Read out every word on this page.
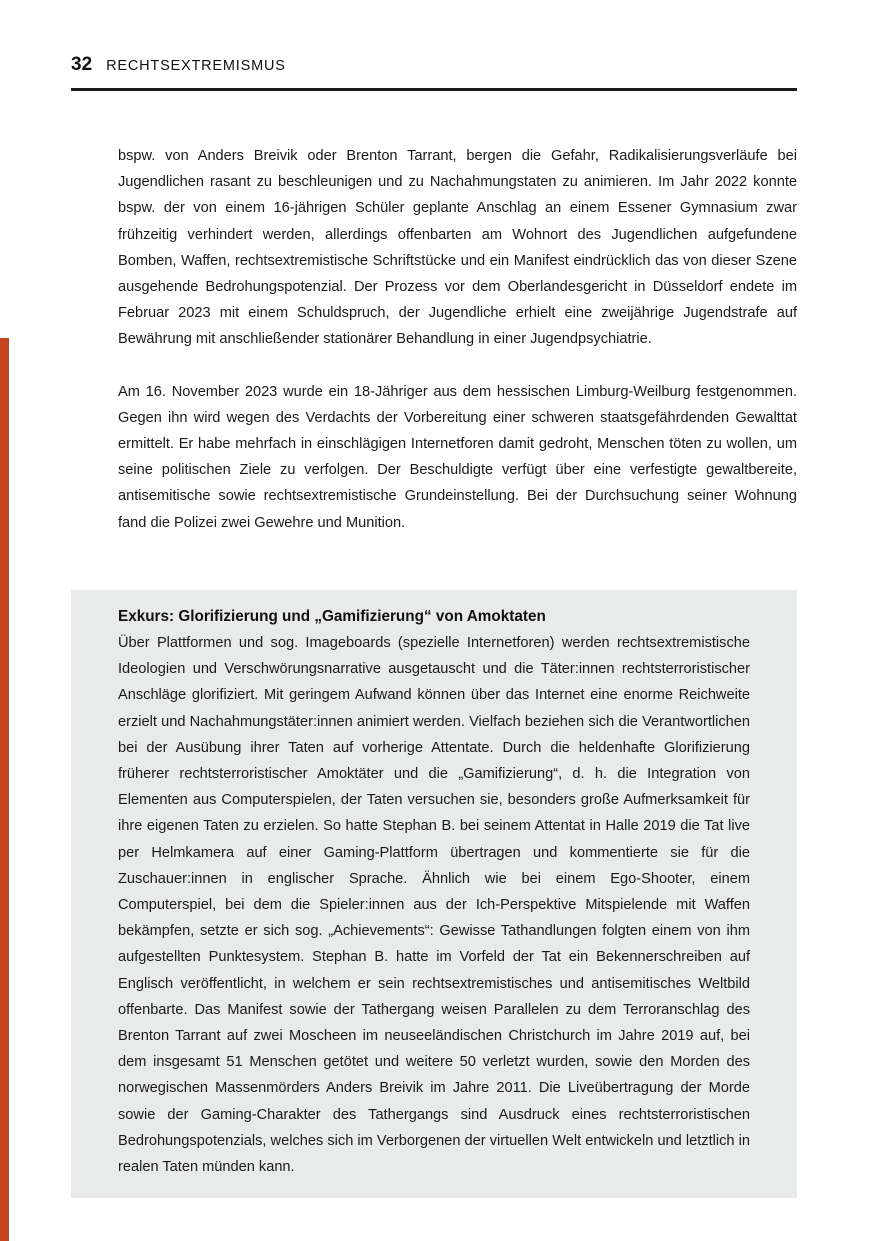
32 RECHTSEXTREMISMUS

bspw. von Anders Breivik oder Brenton Tarrant, bergen die Gefahr, Radikalisierungsverläufe bei Jugendlichen rasant zu beschleunigen und zu Nachahmungstaten zu animieren. Im Jahr 2022 konnte bspw. der von einem 16-jährigen Schüler geplante Anschlag an einem Essener Gymnasium zwar frühzeitig verhindert werden, allerdings offenbarten am Wohnort des Jugendlichen aufgefundene Bomben, Waffen, rechtsextremistische Schriftstücke und ein Manifest eindrücklich das von dieser Szene ausgehende Bedrohungspotenzial. Der Prozess vor dem Oberlandesgericht in Düsseldorf endete im Februar 2023 mit einem Schuldspruch, der Jugendliche erhielt eine zweijährige Jugendstrafe auf Bewährung mit anschließender stationärer Behandlung in einer Jugendpsychiatrie.

Am 16. November 2023 wurde ein 18-Jähriger aus dem hessischen Limburg-Weilburg festgenommen. Gegen ihn wird wegen des Verdachts der Vorbereitung einer schweren staatsgefährdenden Gewalttat ermittelt. Er habe mehrfach in einschlägigen Internetforen damit gedroht, Menschen töten zu wollen, um seine politischen Ziele zu verfolgen. Der Beschuldigte verfügt über eine verfestigte gewaltbereite, antisemitische sowie rechtsextremistische Grundeinstellung. Bei der Durchsuchung seiner Wohnung fand die Polizei zwei Gewehre und Munition.

Exkurs: Glorifizierung und „Gamifizierung“ von Amoktaten

Über Plattformen und sog. Imageboards (spezielle Internetforen) werden rechtsextremistische Ideologien und Verschwörungsnarrative ausgetauscht und die Täter:innen rechtsterroristischer Anschläge glorifiziert. Mit geringem Aufwand können über das Internet eine enorme Reichweite erzielt und Nachahmungstäter:innen animiert werden. Vielfach beziehen sich die Verantwortlichen bei der Ausübung ihrer Taten auf vorherige Attentate. Durch die heldenhafte Glorifizierung früherer rechtsterroristischer Amoktäter und die „Gamifizierung“, d. h. die Integration von Elementen aus Computerspielen, der Taten versuchen sie, besonders große Aufmerksamkeit für ihre eigenen Taten zu erzielen. So hatte Stephan B. bei seinem Attentat in Halle 2019 die Tat live per Helmkamera auf einer Gaming-Plattform übertragen und kommentierte sie für die Zuschauer:innen in englischer Sprache. Ähnlich wie bei einem Ego-Shooter, einem Computerspiel, bei dem die Spieler:innen aus der Ich-Perspektive Mitspielende mit Waffen bekämpfen, setzte er sich sog. „Achievements“: Gewisse Tathandlungen folgten einem von ihm aufgestellten Punktesystem. Stephan B. hatte im Vorfeld der Tat ein Bekennerschreiben auf Englisch veröffentlicht, in welchem er sein rechtsextremistisches und antisemitisches Weltbild offenbarte. Das Manifest sowie der Tathergang weisen Parallelen zu dem Terroranschlag des Brenton Tarrant auf zwei Moscheen im neuseeländischen Christchurch im Jahre 2019 auf, bei dem insgesamt 51 Menschen getötet und weitere 50 verletzt wurden, sowie den Morden des norwegischen Massenmörders Anders Breivik im Jahre 2011. Die Liveübertragung der Morde sowie der Gaming-Charakter des Tathergangs sind Ausdruck eines rechtsterroristischen Bedrohungspotenzials, welches sich im Verborgenen der virtuellen Welt entwickeln und letztlich in realen Taten münden kann.
